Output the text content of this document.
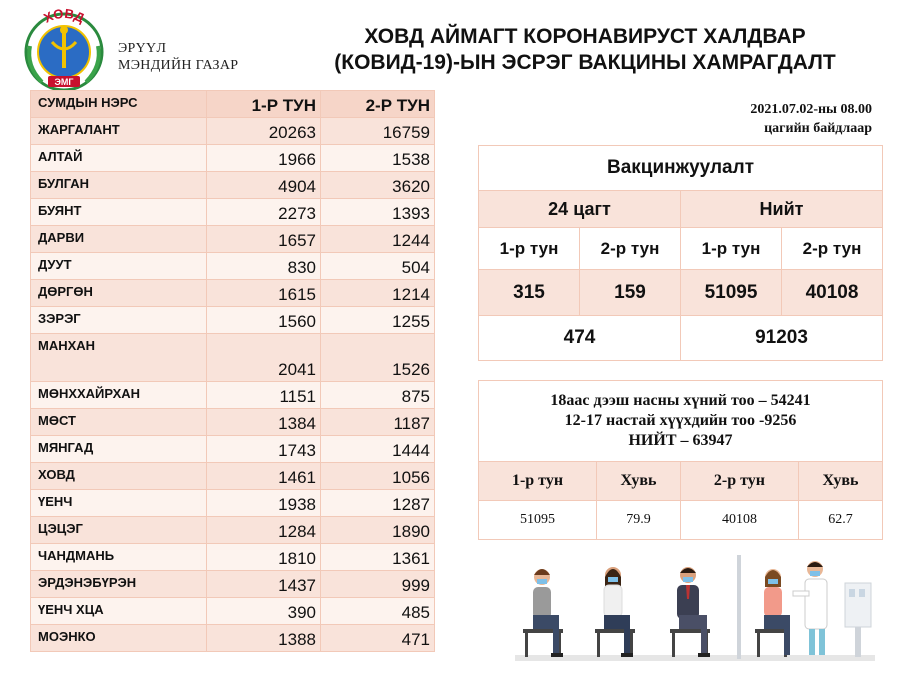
ХОВД
ЭМГ
ЭРҮҮЛ
МЭНДИЙН ГАЗАР
ХОВД АЙМАГТ КОРОНАВИРУСТ ХАЛДВАР
(КОВИД-19)-ЫН ЭСРЭГ ВАКЦИНЫ ХАМРАГДАЛТ
2021.07.02-ны 08.00
цагийн байдлаар
СУМДЫН НЭРС	1-Р ТУН	2-Р ТУН
ЖАРГАЛАНТ	20263	16759
АЛТАЙ	1966	1538
БУЛГАН	4904	3620
БУЯНТ	2273	1393
ДАРВИ	1657	1244
ДУУТ	830	504
ДӨРГӨН	1615	1214
ЗЭРЭГ	1560	1255
МАНХАН	2041	1526
МӨНХХАЙРХАН	1151	875
МӨСТ	1384	1187
МЯНГАД	1743	1444
ХОВД	1461	1056
ҮЕНЧ	1938	1287
ЦЭЦЭГ	1284	1890
ЧАНДМАНЬ	1810	1361
ЭРДЭНЭБҮРЭН	1437	999
ҮЕНЧ ХЦА	390	485
МОЭНКО	1388	471
Вакцинжуулалт			
24 цагт		Нийт	
1-р тун	2-р тун	1-р тун	2-р тун
315	159	51095	40108
474		91203	
18аас дээш насны хүний тоо – 54241
12-17 настай хүүхдийн тоо -9256
НИЙТ – 63947			

1-р тун	Хувь	2-р тун	Хувь
51095	79.9	40108	62.7
